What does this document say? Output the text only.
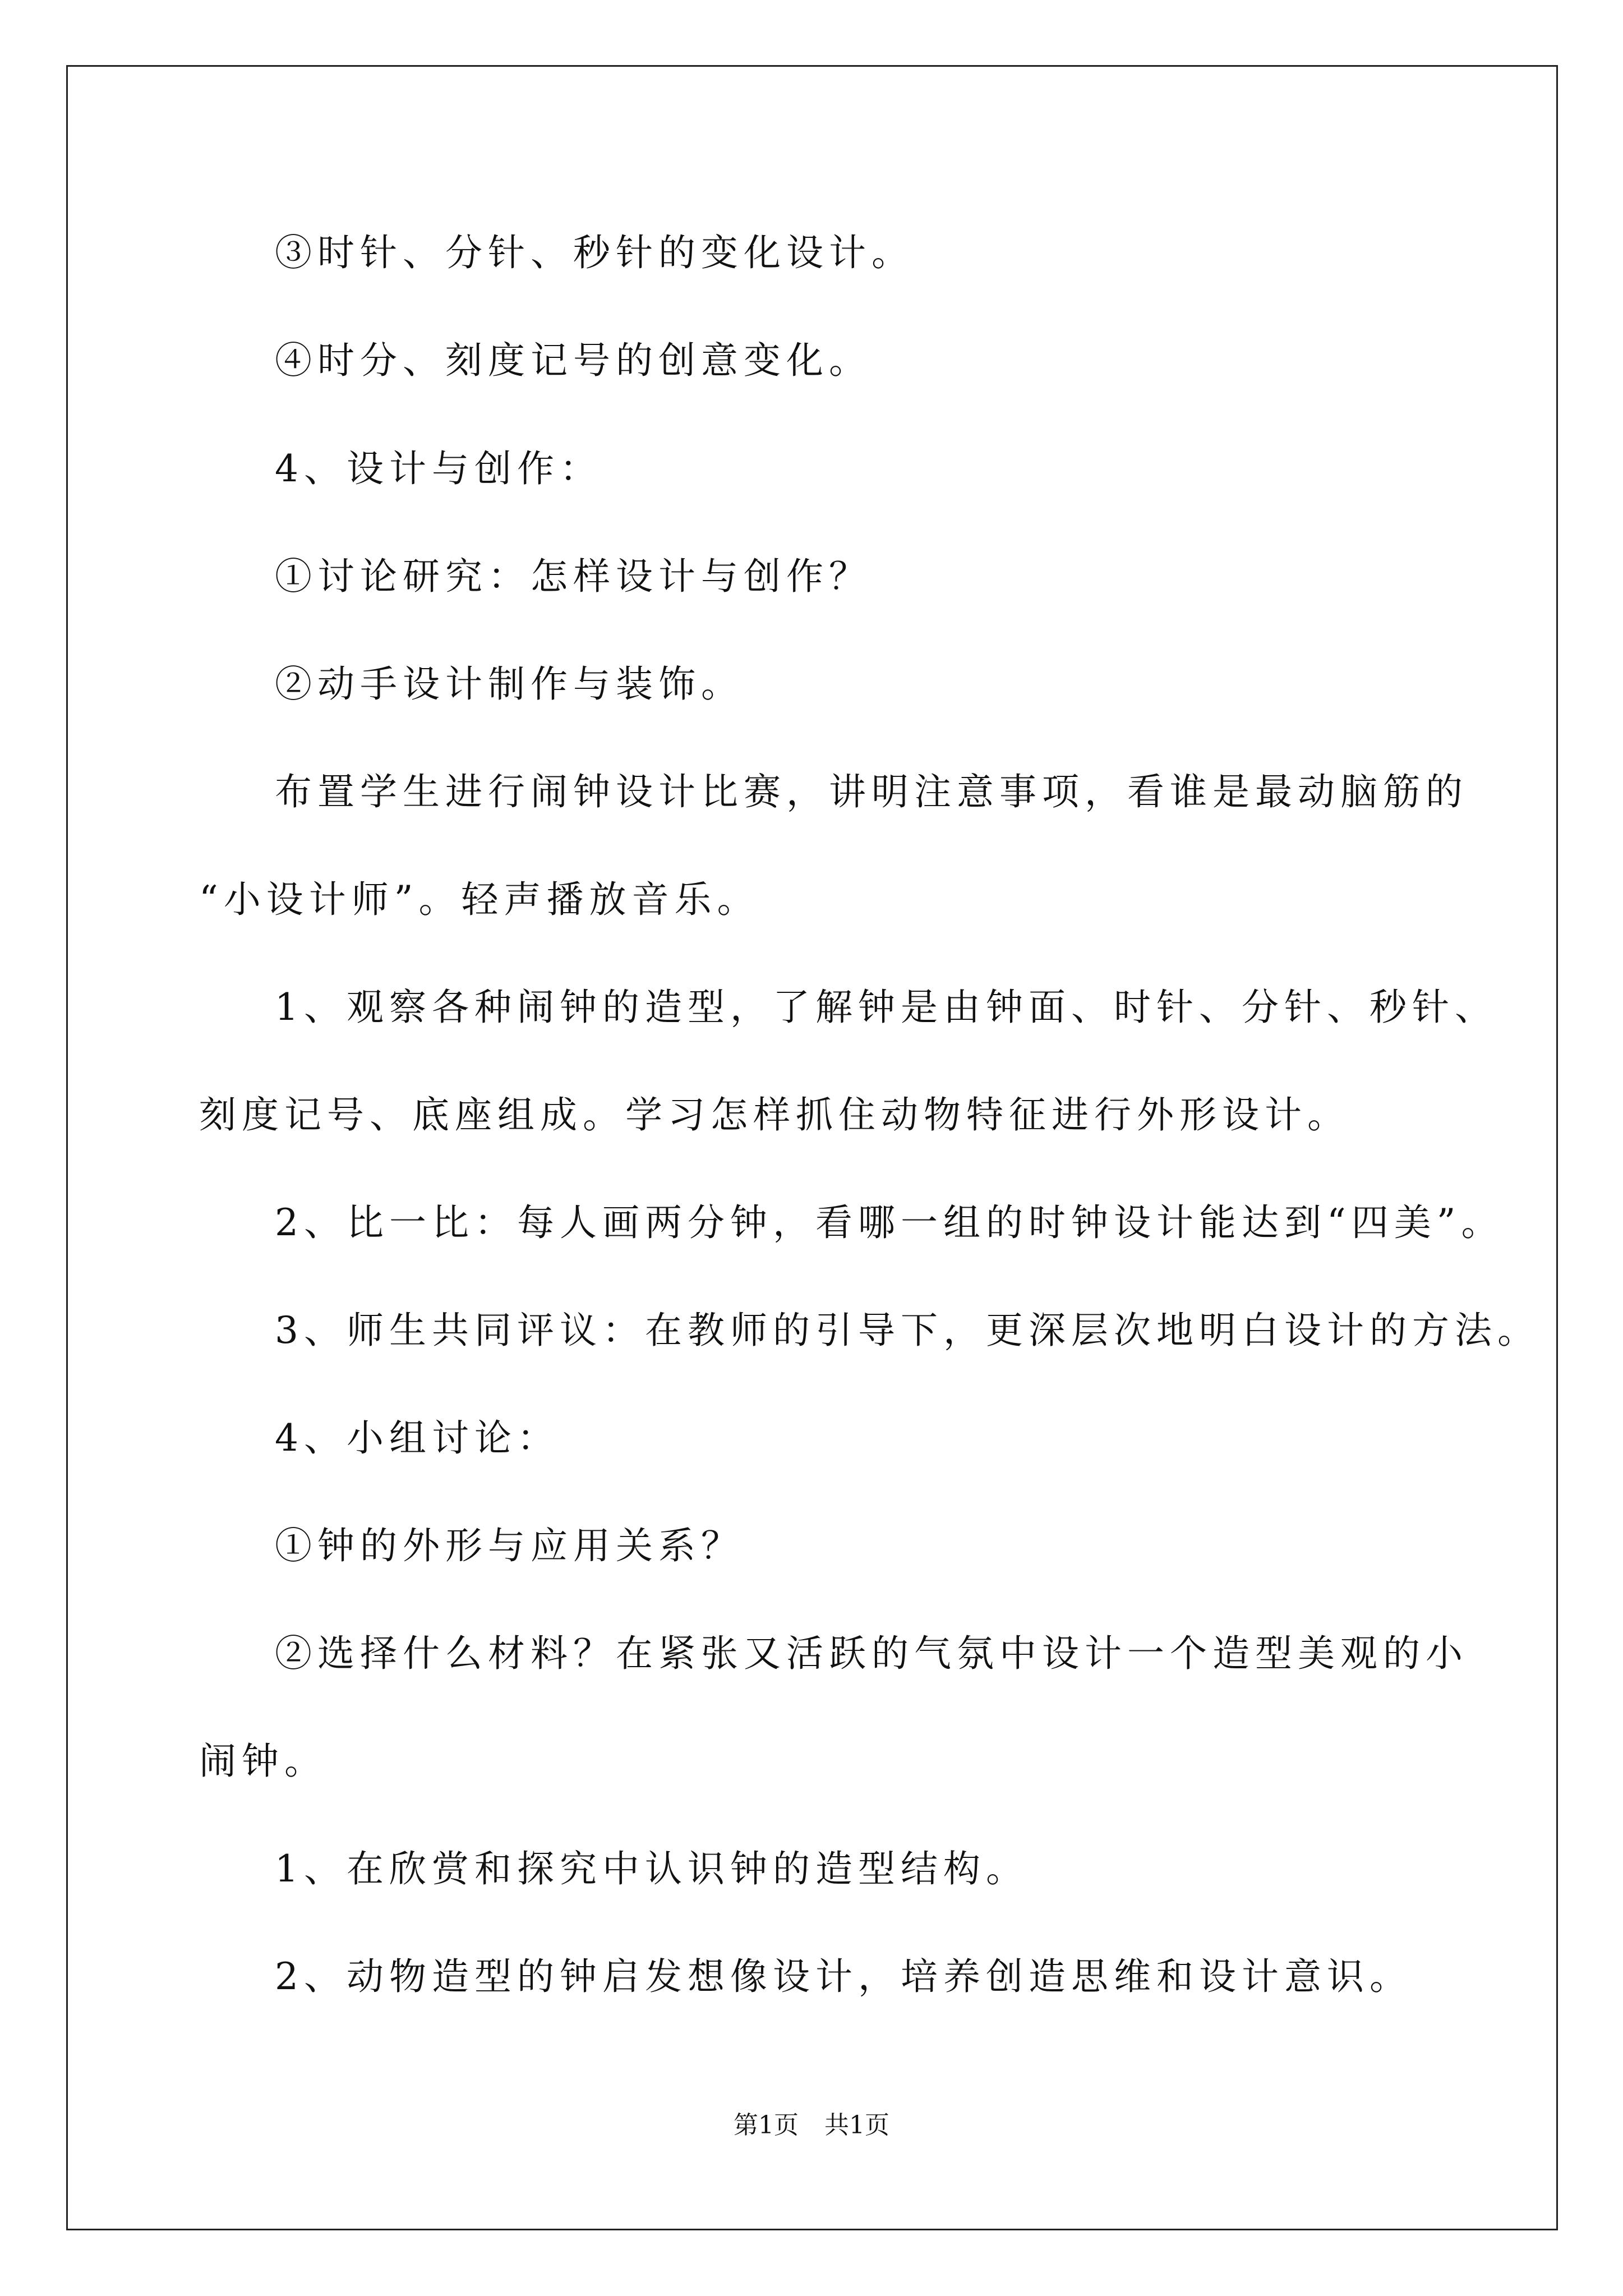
③时针、分针、秒针的变化设计。
④时分、刻度记号的创意变化。
4、设计与创作：
①讨论研究：怎样设计与创作？
②动手设计制作与装饰。
布置学生进行闹钟设计比赛，讲明注意事项，看谁是最动脑筋的
“小设计师”。轻声播放音乐。
1、观察各种闹钟的造型，了解钟是由钟面、时针、分针、秒针、
刻度记号、底座组成。学习怎样抓住动物特征进行外形设计。
2、比一比：每人画两分钟，看哪一组的时钟设计能达到“四美”。
3、师生共同评议：在教师的引导下，更深层次地明白设计的方法。
4、小组讨论：
①钟的外形与应用关系？
②选择什么材料？在紧张又活跃的气氛中设计一个造型美观的小
闹钟。
1、在欣赏和探究中认识钟的造型结构。
2、动物造型的钟启发想像设计，培养创造思维和设计意识。
第1页 共1页
